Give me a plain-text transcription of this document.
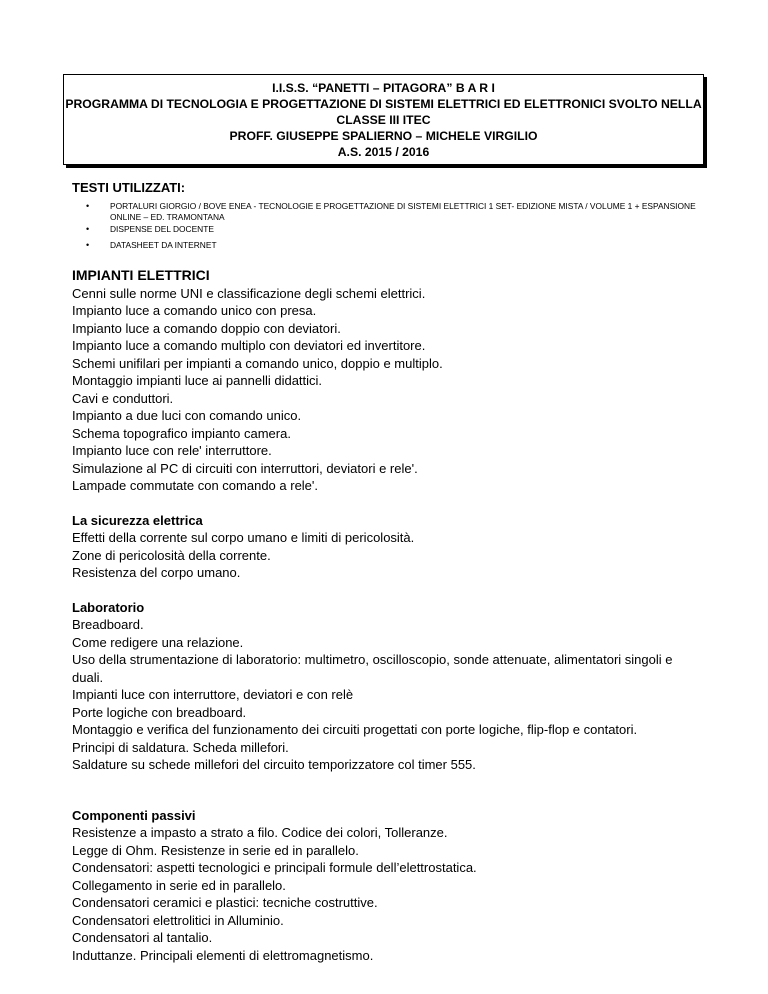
I.I.S.S. “PANETTI – PITAGORA” B A R I
PROGRAMMA DI TECNOLOGIA E PROGETTAZIONE DI SISTEMI ELETTRICI ED ELETTRONICI SVOLTO NELLA
CLASSE III ITEC
PROFF. GIUSEPPE SPALIERNO – MICHELE VIRGILIO
A.S. 2015 / 2016
TESTI UTILIZZATI:
• PORTALURI GIORGIO / BOVE ENEA - TECNOLOGIE E PROGETTAZIONE DI SISTEMI ELETTRICI 1 SET- EDIZIONE MISTA / VOLUME 1 + ESPANSIONE ONLINE – ED. TRAMONTANA
• DISPENSE DEL DOCENTE
• DATASHEET DA INTERNET
IMPIANTI ELETTRICI
Cenni sulle norme UNI e classificazione degli schemi elettrici.
Impianto luce a comando unico con presa.
Impianto luce a comando doppio con deviatori.
Impianto luce a comando multiplo con deviatori ed invertitore.
Schemi unifilari per impianti a comando unico, doppio e multiplo.
Montaggio impianti luce ai pannelli didattici.
Cavi e conduttori.
Impianto a due luci con comando unico.
Schema topografico impianto camera.
Impianto luce con rele' interruttore.
Simulazione al PC di circuiti con interruttori, deviatori e rele'.
Lampade commutate con comando a rele'.
La sicurezza elettrica
Effetti della corrente sul corpo umano e limiti di pericolosità.
Zone di pericolosità della corrente.
Resistenza del corpo umano.
Laboratorio
Breadboard.
Come redigere una relazione.
Uso della strumentazione di laboratorio: multimetro, oscilloscopio, sonde attenuate, alimentatori singoli e duali.
Impianti luce con interruttore, deviatori e con relè
Porte logiche con breadboard.
Montaggio e verifica del funzionamento dei circuiti progettati con porte logiche, flip-flop e contatori.
Principi di saldatura. Scheda millefori.
Saldature su schede millefori del circuito temporizzatore col timer 555.
Componenti passivi
Resistenze a impasto a strato a filo. Codice dei colori, Tolleranze.
Legge di Ohm. Resistenze in serie ed in parallelo.
Condensatori: aspetti tecnologici e principali formule dell’elettrostatica.
Collegamento in serie ed in parallelo.
Condensatori ceramici e plastici: tecniche costruttive.
Condensatori elettrolitici in Alluminio.
Condensatori al tantalio.
Induttanze. Principali elementi di elettromagnetismo.
